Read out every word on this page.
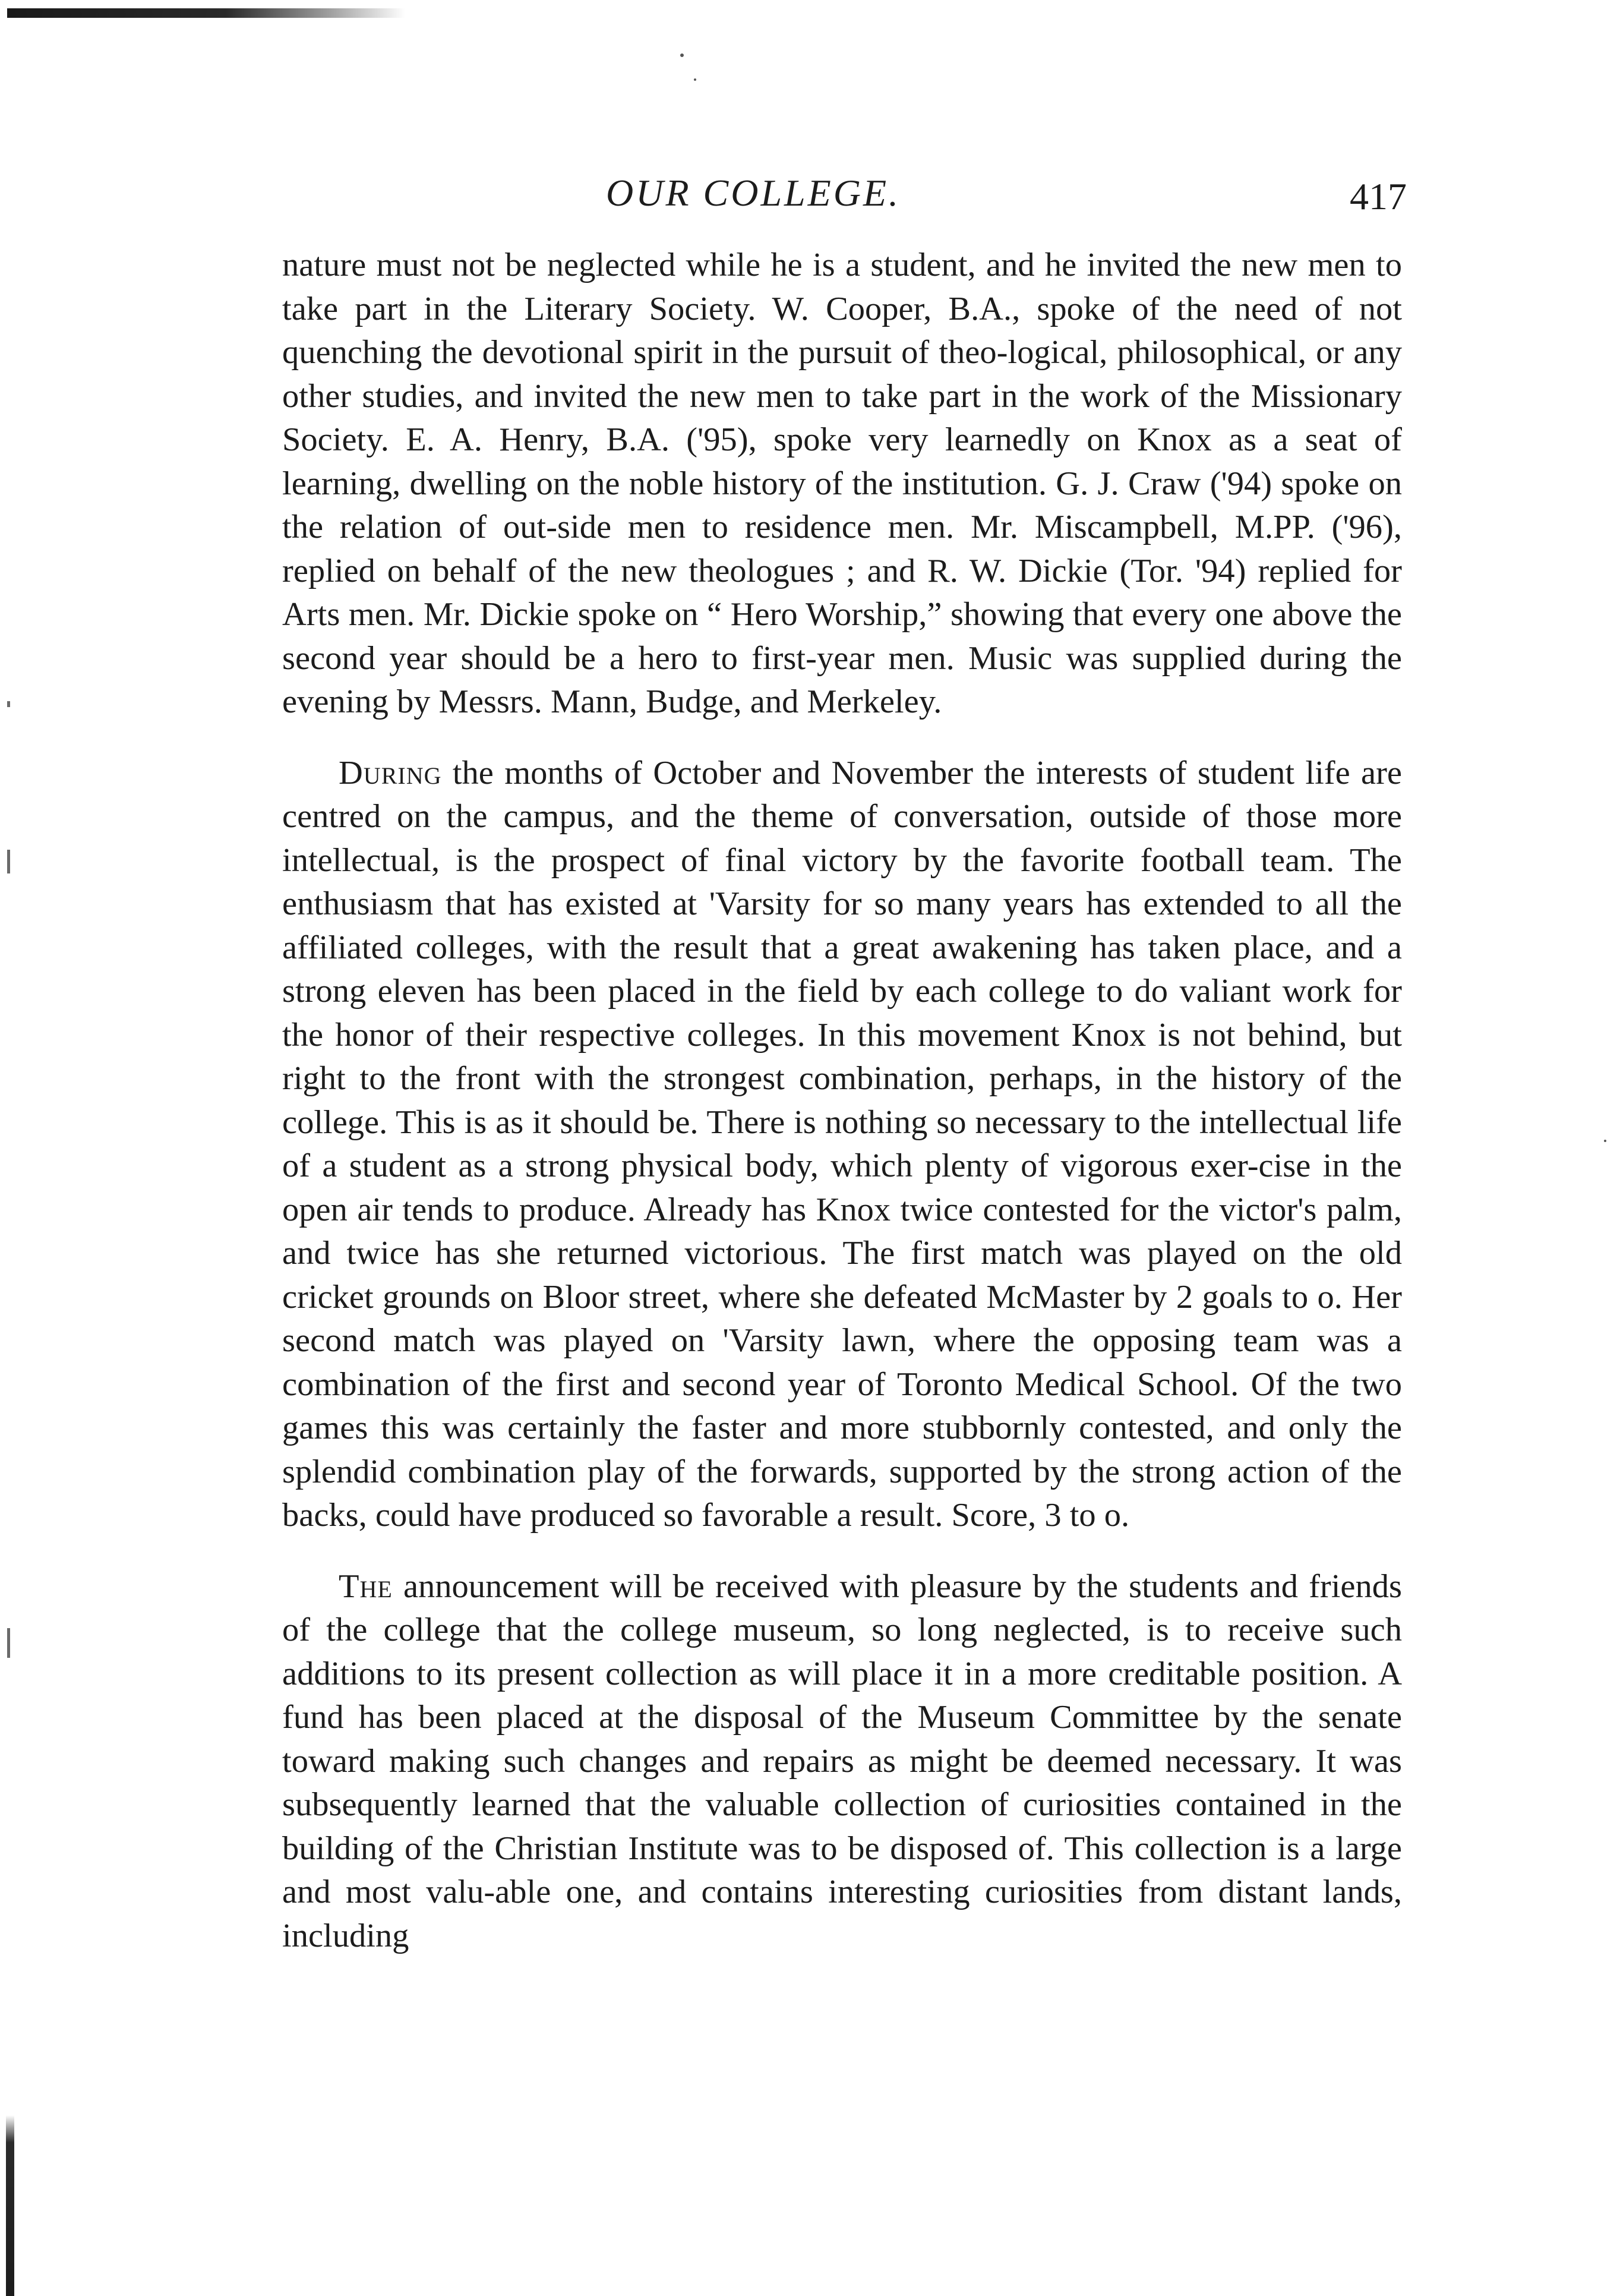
OUR COLLEGE.	417

nature must not be neglected while he is a student, and he invited the new men to take part in the Literary Society. W. Cooper, B.A., spoke of the need of not quenching the devotional spirit in the pursuit of theo-logical, philosophical, or any other studies, and invited the new men to take part in the work of the Missionary Society. E. A. Henry, B.A. ('95), spoke very learnedly on Knox as a seat of learning, dwelling on the noble history of the institution. G. J. Craw ('94) spoke on the relation of out-side men to residence men. Mr. Miscampbell, M.PP. ('96), replied on behalf of the new theologues ; and R. W. Dickie (Tor. '94) replied for Arts men. Mr. Dickie spoke on “ Hero Worship,” showing that every one above the second year should be a hero to first-year men. Music was supplied during the evening by Messrs. Mann, Budge, and Merkeley.

During the months of October and November the interests of student life are centred on the campus, and the theme of conversation, outside of those more intellectual, is the prospect of final victory by the favorite football team. The enthusiasm that has existed at 'Varsity for so many years has extended to all the affiliated colleges, with the result that a great awakening has taken place, and a strong eleven has been placed in the field by each college to do valiant work for the honor of their respective colleges. In this movement Knox is not behind, but right to the front with the strongest combination, perhaps, in the history of the college. This is as it should be. There is nothing so necessary to the intellectual life of a student as a strong physical body, which plenty of vigorous exer-cise in the open air tends to produce. Already has Knox twice contested for the victor's palm, and twice has she returned victorious. The first match was played on the old cricket grounds on Bloor street, where she defeated McMaster by 2 goals to o. Her second match was played on 'Varsity lawn, where the opposing team was a combination of the first and second year of Toronto Medical School. Of the two games this was certainly the faster and more stubbornly contested, and only the splendid combination play of the forwards, supported by the strong action of the backs, could have produced so favorable a result. Score, 3 to o.

The announcement will be received with pleasure by the students and friends of the college that the college museum, so long neglected, is to receive such additions to its present collection as will place it in a more creditable position. A fund has been placed at the disposal of the Museum Committee by the senate toward making such changes and repairs as might be deemed necessary. It was subsequently learned that the valuable collection of curiosities contained in the building of the Christian Institute was to be disposed of. This collection is a large and most valu-able one, and contains interesting curiosities from distant lands, including
